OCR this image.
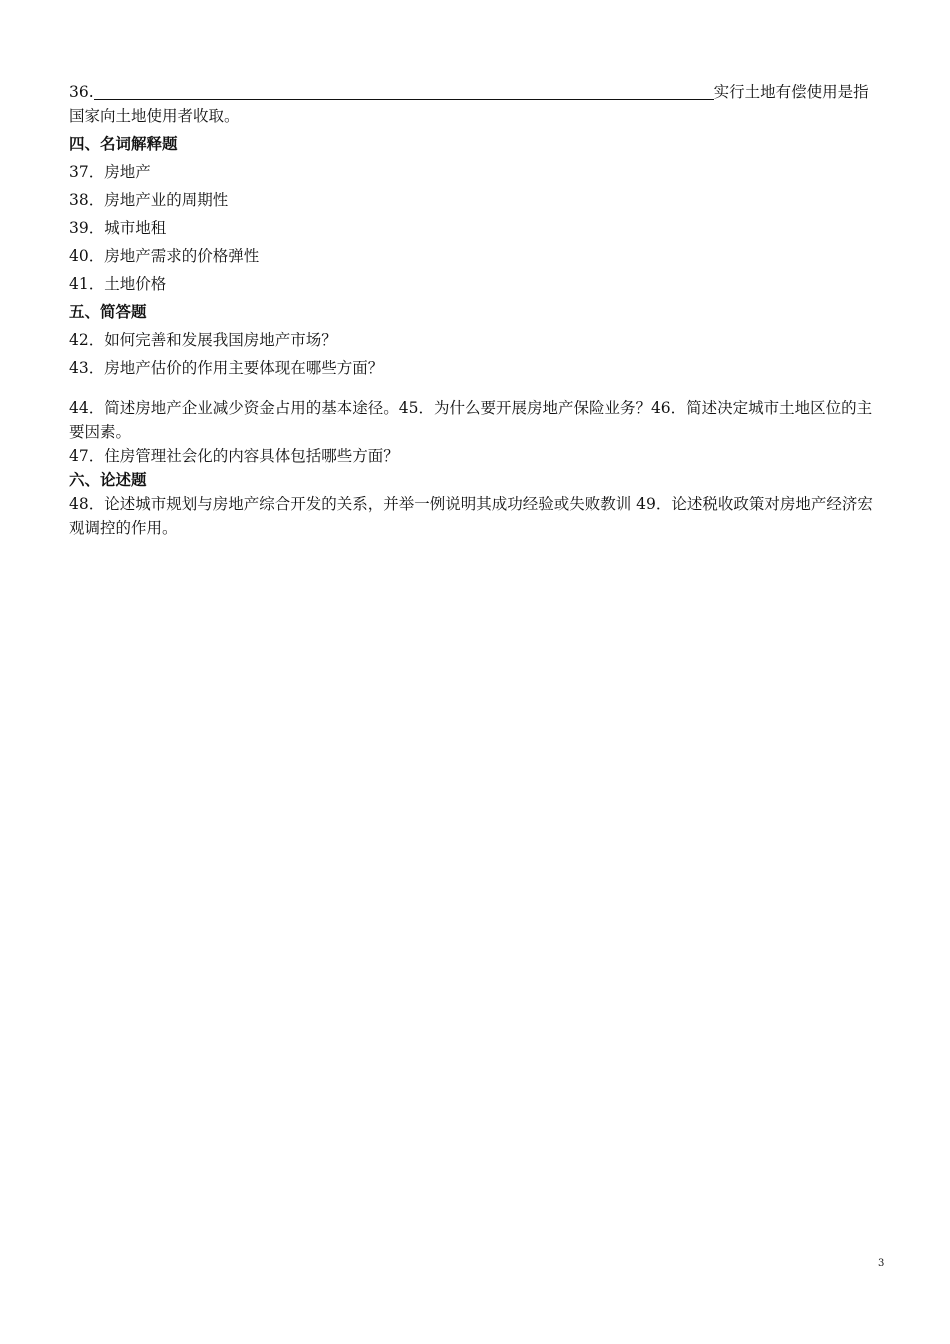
36.	实行土地有偿使用是指
国家向土地使用者收取。
四、名词解释题
37．房地产
38．房地产业的周期性
39．城市地租
40．房地产需求的价格弹性
41．土地价格
五、简答题
42．如何完善和发展我国房地产市场？
43．房地产估价的作用主要体现在哪些方面？
44．简述房地产企业减少资金占用的基本途径。45．为什么要开展房地产保险业务？46．简述决定城市土地区位的主要因素。
47．住房管理社会化的内容具体包括哪些方面？
六、论述题
48．论述城市规划与房地产综合开发的关系，并举一例说明其成功经验或失败教训 49．论述税收政策对房地产经济宏观调控的作用。
3
